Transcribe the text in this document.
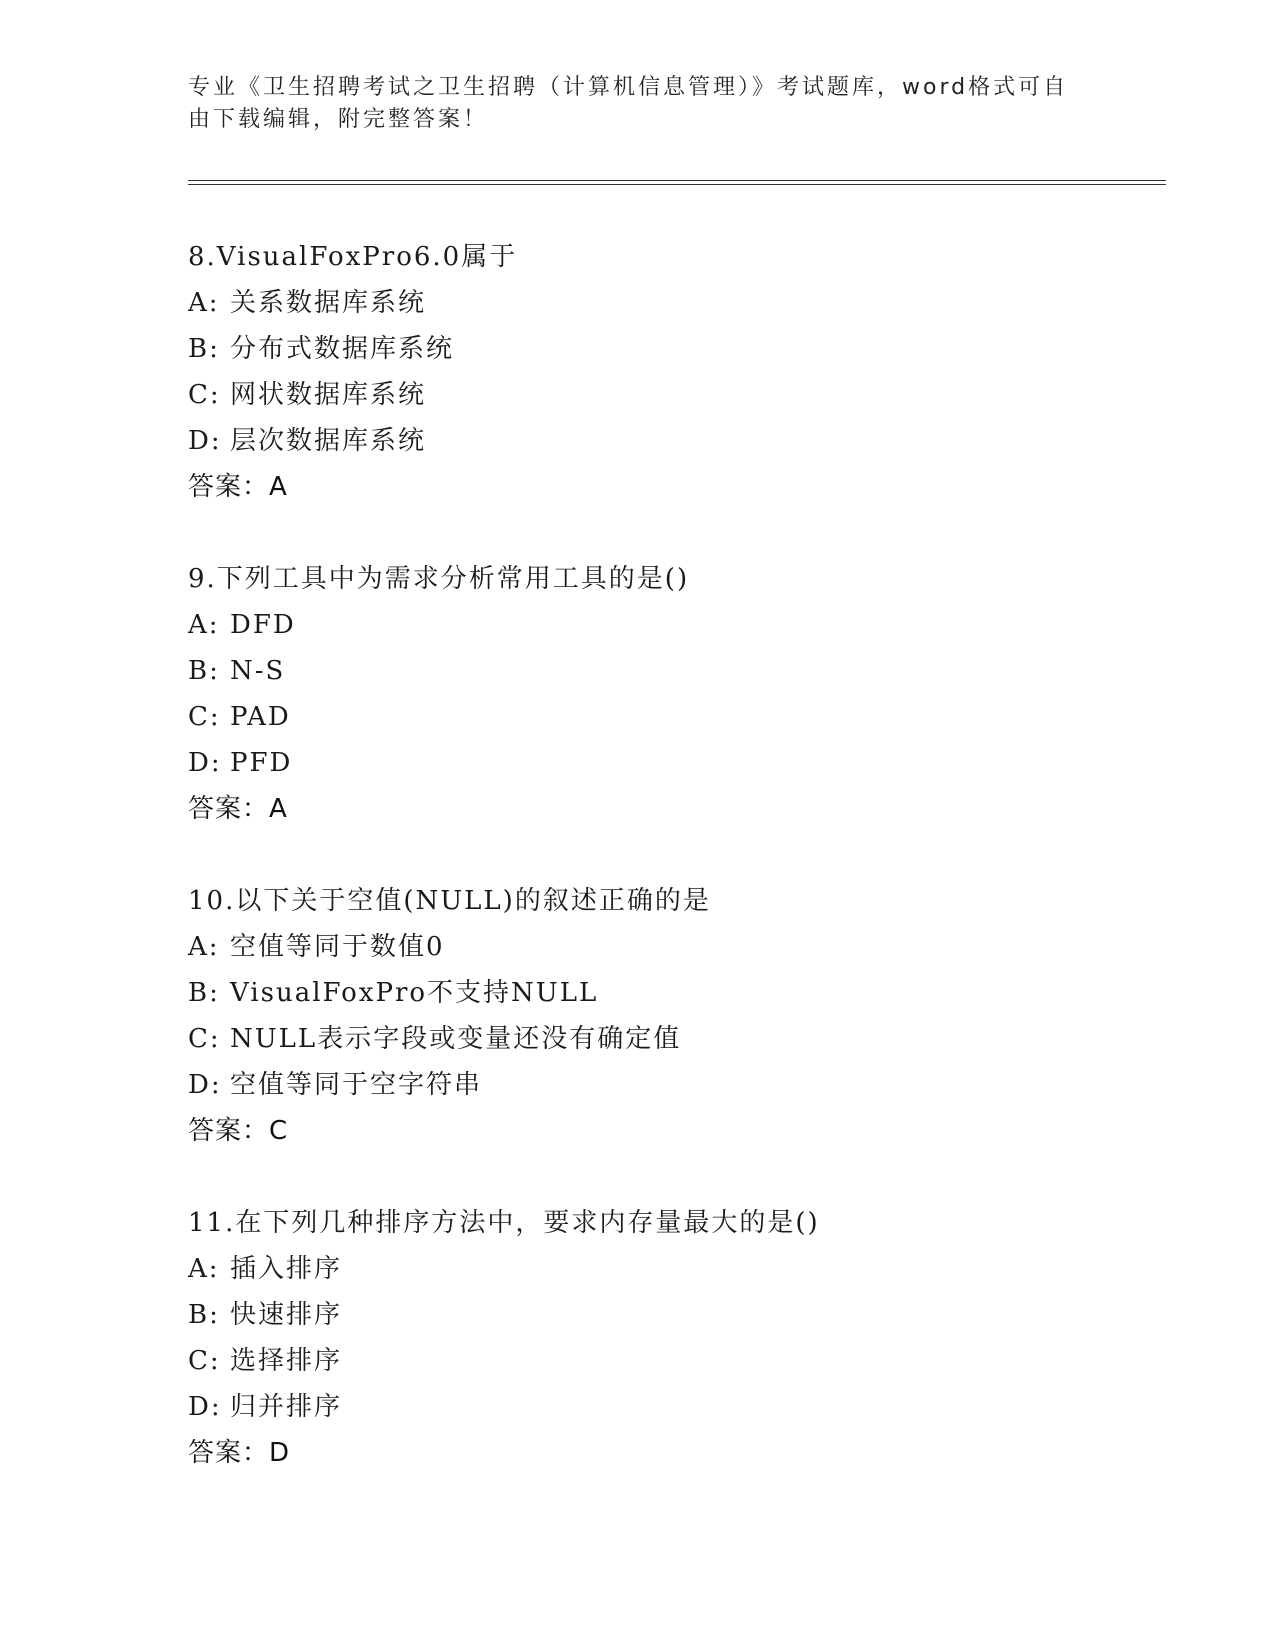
专业《卫生招聘考试之卫生招聘（计算机信息管理）》考试题库，word格式可自
由下载编辑，附完整答案！
8.VisualFoxPro6.0属于
A: 关系数据库系统
B: 分布式数据库系统
C: 网状数据库系统
D: 层次数据库系统
答案：A
9.下列工具中为需求分析常用工具的是()
A: DFD
B: N-S
C: PAD
D: PFD
答案：A
10.以下关于空值(NULL)的叙述正确的是
A: 空值等同于数值0
B: VisualFoxPro不支持NULL
C: NULL表示字段或变量还没有确定值
D: 空值等同于空字符串
答案：C
11.在下列几种排序方法中，要求内存量最大的是()
A: 插入排序
B: 快速排序
C: 选择排序
D: 归并排序
答案：D
